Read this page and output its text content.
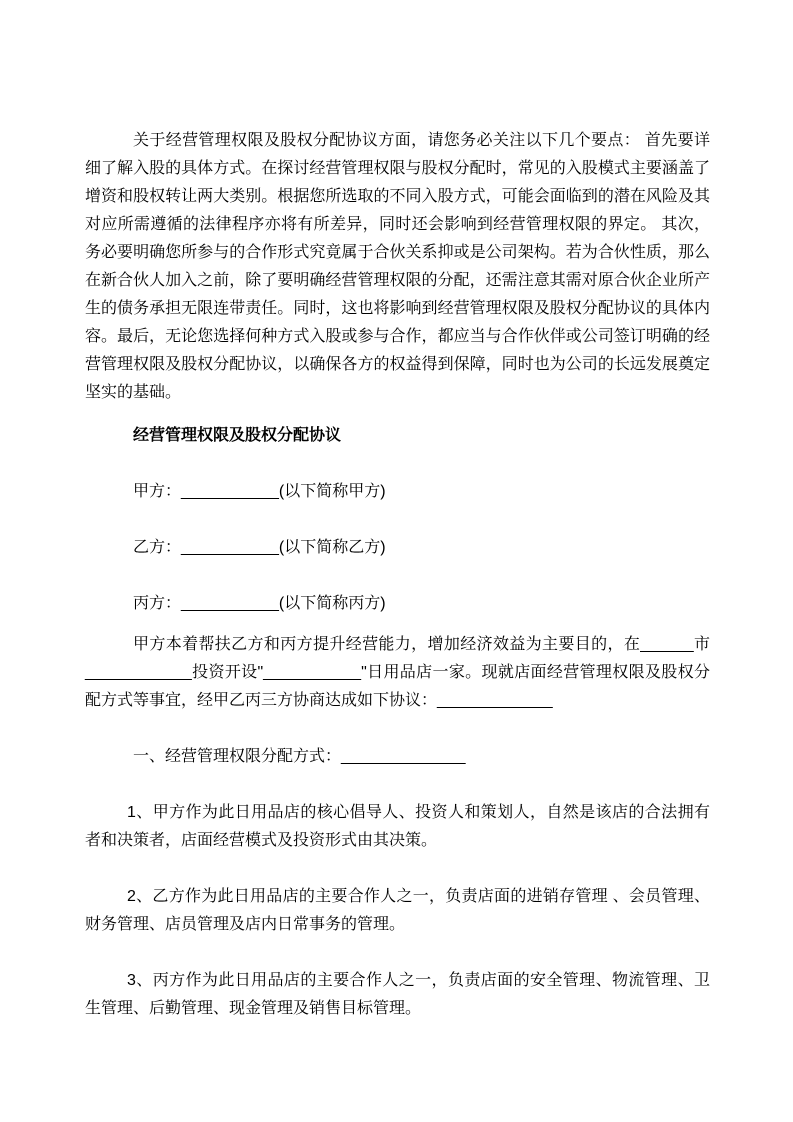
关于经营管理权限及股权分配协议方面，请您务必关注以下几个要点： 首先要详细了解入股的具体方式。在探讨经营管理权限与股权分配时，常见的入股模式主要涵盖了增资和股权转让两大类别。根据您所选取的不同入股方式，可能会面临到的潜在风险及其对应所需遵循的法律程序亦将有所差异，同时还会影响到经营管理权限的界定。 其次，务必要明确您所参与的合作形式究竟属于合伙关系抑或是公司架构。若为合伙性质，那么在新合伙人加入之前，除了要明确经营管理权限的分配，还需注意其需对原合伙企业所产生的债务承担无限连带责任。同时，这也将影响到经营管理权限及股权分配协议的具体内容。最后，无论您选择何种方式入股或参与合作，都应当与合作伙伴或公司签订明确的经营管理权限及股权分配协议，以确保各方的权益得到保障，同时也为公司的长远发展奠定坚实的基础。

经营管理权限及股权分配协议

甲方：___________(以下简称甲方)

乙方：___________(以下简称乙方)

丙方：___________(以下简称丙方)

甲方本着帮扶乙方和丙方提升经营能力，增加经济效益为主要目的，在______市____________投资开设"___________"日用品店一家。现就店面经营管理权限及股权分配方式等事宜，经甲乙丙三方协商达成如下协议：_____________

一、经营管理权限分配方式：______________

1、甲方作为此日用品店的核心倡导人、投资人和策划人，自然是该店的合法拥有者和决策者，店面经营模式及投资形式由其决策。

2、乙方作为此日用品店的主要合作人之一，负责店面的进销存管理 、会员管理、财务管理、店员管理及店内日常事务的管理。

3、丙方作为此日用品店的主要合作人之一，负责店面的安全管理、物流管理、卫生管理、后勤管理、现金管理及销售目标管理。
